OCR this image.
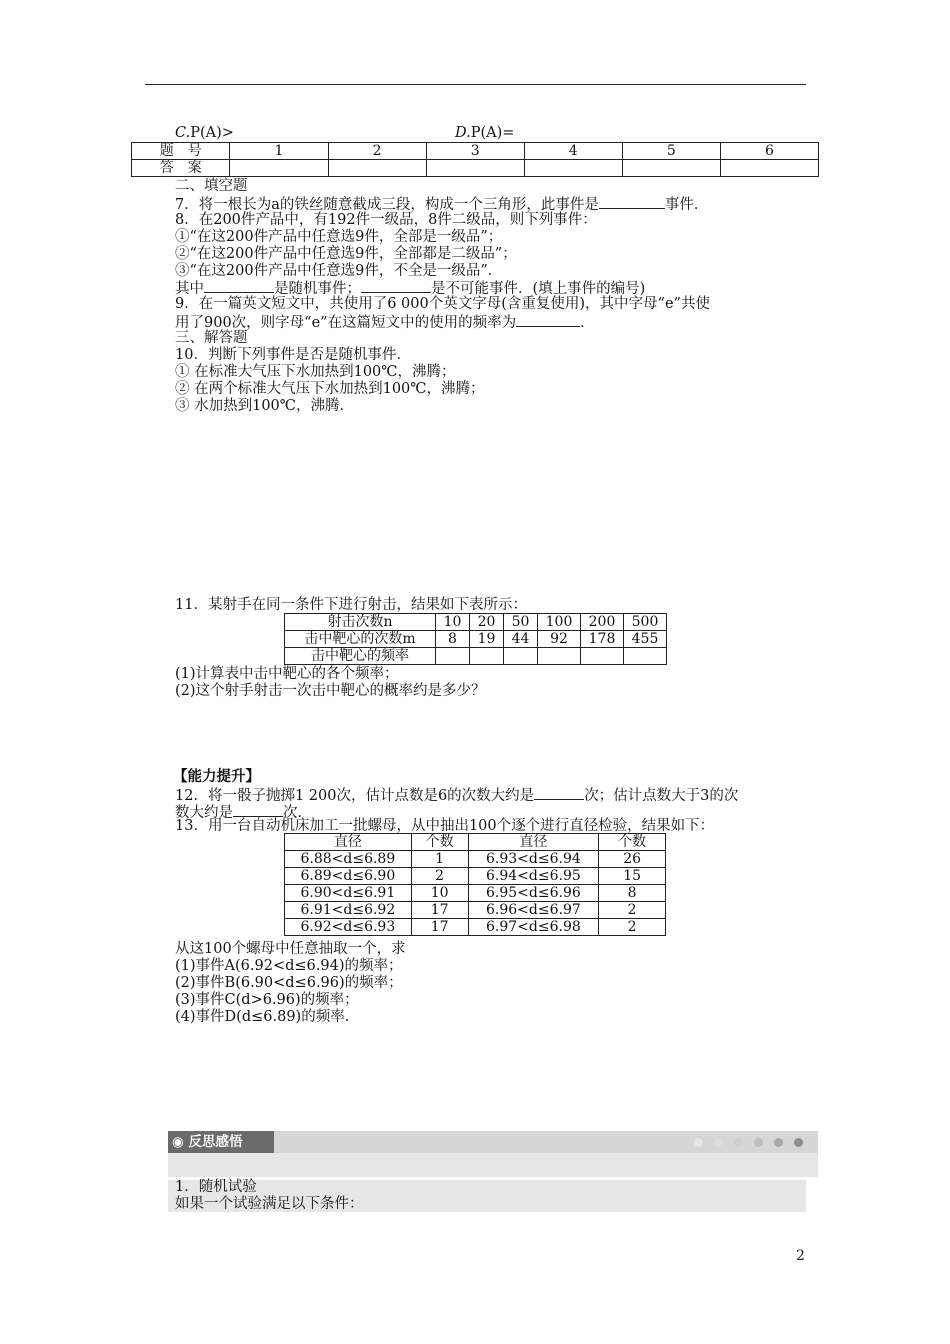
C.P(A)>	D.P(A)=
题　号	1	2	3	4	5	6
答　案						
二、填空题
7．将一根长为a的铁丝随意截成三段，构成一个三角形，此事件是	事件．
8．在200件产品中，有192件一级品，8件二级品，则下列事件：
①“在这200件产品中任意选9件，全部是一级品”；
②“在这200件产品中任意选9件，全部都是二级品”；
③“在这200件产品中任意选9件，不全是一级品”．
其中	是随机事件；	是不可能事件．(填上事件的编号)
9．在一篇英文短文中，共使用了6 000个英文字母(含重复使用)，其中字母“e”共使
用了900次，则字母“e”在这篇短文中的使用的频率为	．
三、解答题
10．判断下列事件是否是随机事件．
① 在标准大气压下水加热到100℃，沸腾；
② 在两个标准大气压下水加热到100℃，沸腾；
③ 水加热到100℃，沸腾．
11．某射手在同一条件下进行射击，结果如下表所示：
射击次数n	10	20	50	100	200	500
击中靶心的次数m	8	19	44	92	178	455
击中靶心的频率						
(1)计算表中击中靶心的各个频率；
(2)这个射手射击一次击中靶心的概率约是多少？
【能力提升】
12．将一骰子抛掷1 200次，估计点数是6的次数大约是	次；估计点数大于3的次
数大约是	次．
13．用一台自动机床加工一批螺母，从中抽出100个逐个进行直径检验，结果如下：
直径	个数	直径	个数
6.88<d≤6.89	1	6.93<d≤6.94	26
6.89<d≤6.90	2	6.94<d≤6.95	15
6.90<d≤6.91	10	6.95<d≤6.96	8
6.91<d≤6.92	17	6.96<d≤6.97	2
6.92<d≤6.93	17	6.97<d≤6.98	2
从这100个螺母中任意抽取一个，求
(1)事件A(6.92<d≤6.94)的频率；
(2)事件B(6.90<d≤6.96)的频率；
(3)事件C(d>6.96)的频率；
(4)事件D(d≤6.89)的频率．
◉ 反思感悟
1．随机试验
如果一个试验满足以下条件：
2
